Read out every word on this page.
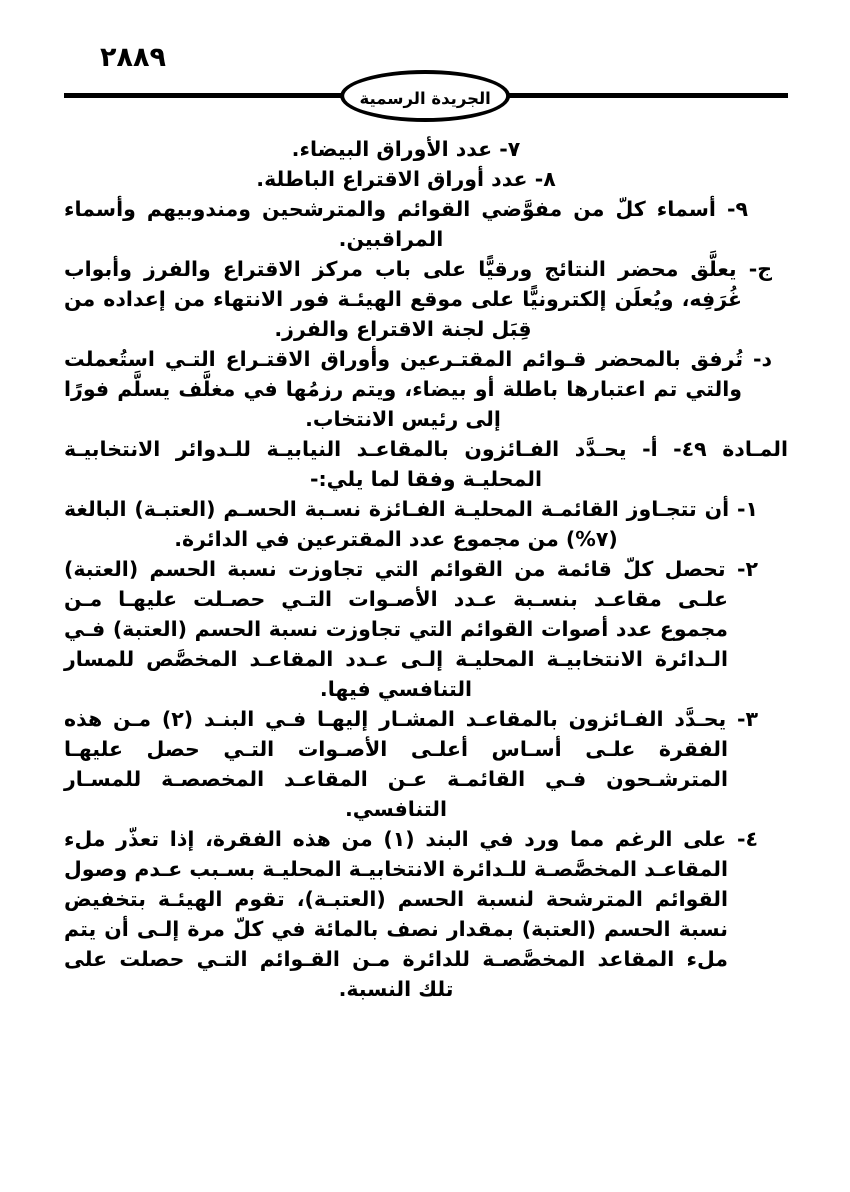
٢٨٨٩
الجريدة الرسمية

٧- عدد الأوراق البيضاء.

٨- عدد أوراق الاقتراع الباطلة.

٩- أسماء كلّ من مفوَّضي القوائم والمترشحين ومندوبيهم وأسماء المراقبين.

ج- يعلَّق محضر النتائج ورقيًّا على باب مركز الاقتراع والفرز وأبواب غُرَفِه، ويُعلَن إلكترونيًّا على موقع الهيئـة فور الانتهاء من إعداده من قِبَل لجنة الاقتراع والفرز.

د- تُرفق بالمحضر قـوائم المقتـرعين وأوراق الاقتـراع التـي استُعملت والتي تم اعتبارها باطلة أو بيضاء، ويتم رزمُها في مغلَّف يسلَّم فورًا إلى رئيس الانتخاب.

المـادة ٤٩- أ- يحـدَّد الفـائزون بالمقاعـد النيابيـة للـدوائر الانتخابيـة المحليـة وفقا لما يلي:-

١- أن تتجـاوز القائمـة المحليـة الفـائزة نسـبة الحسـم (العتبـة) البالغة (٧%) من مجموع عدد المقترعين في الدائرة.

٢- تحصل كلّ قائمة من القوائم التي تجاوزت نسبة الحسم (العتبة) علـى مقاعـد بنسـبة عـدد الأصـوات التـي حصـلت عليهـا مـن مجموع عدد أصوات القوائم التي تجاوزت نسبة الحسم (العتبة) فـي الـدائرة الانتخابيـة المحليـة إلـى عـدد المقاعـد المخصَّص للمسار التنافسي فيها.

٣- يحـدَّد الفـائزون بالمقاعـد المشـار إليهـا فـي البنـد (٢) مـن هذه الفقرة علـى أسـاس أعلـى الأصـوات التـي حصل عليهـا المترشـحون فـي القائمـة عـن المقاعـد المخصصـة للمسـار التنافسي.

٤- على الرغم مما ورد في البند (١) من هذه الفقرة، إذا تعذّر ملء المقاعـد المخصَّصـة للـدائرة الانتخابيـة المحليـة بسـبب عـدم وصول القوائم المترشحة لنسبة الحسم (العتبـة)، تقوم الهيئـة بتخفيض نسبة الحسم (العتبة) بمقدار نصف بالمائة في كلّ مرة إلـى أن يتم ملء المقاعد المخصَّصـة للدائرة مـن القـوائم التـي حصلت على تلك النسبة.
